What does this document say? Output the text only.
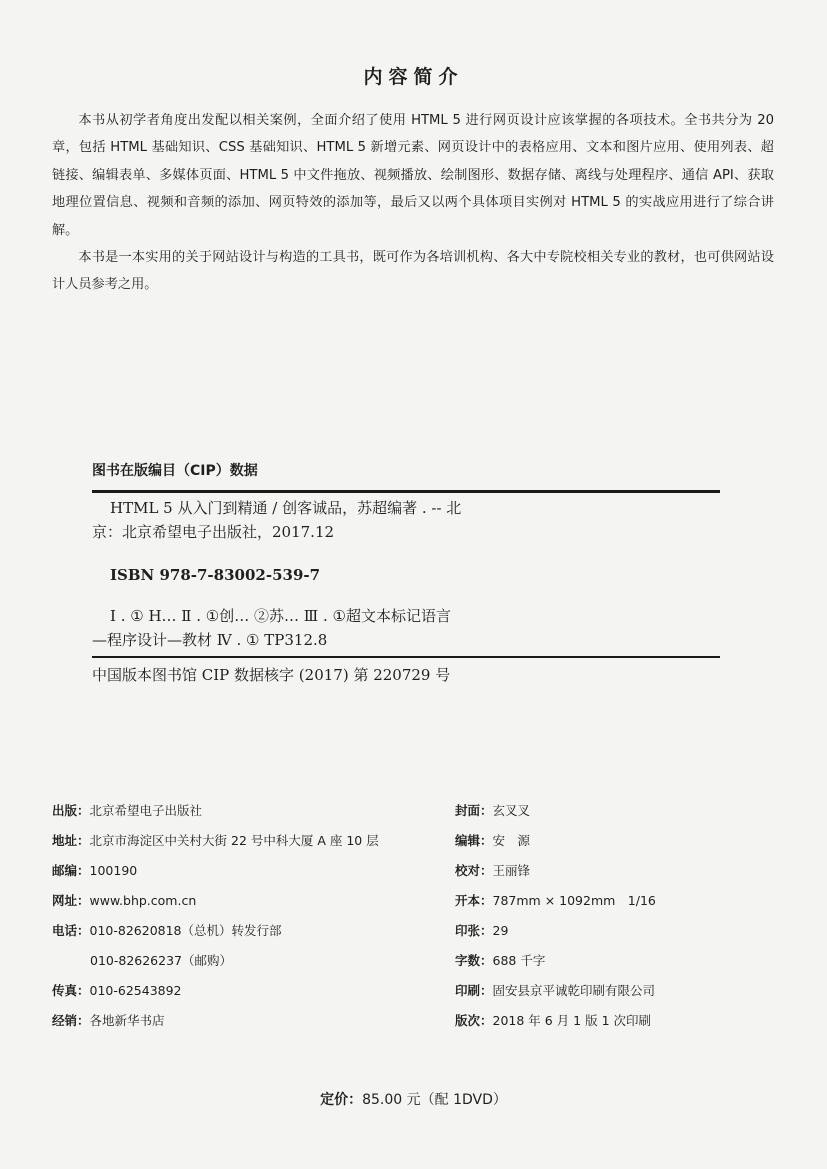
内容简介

本书从初学者角度出发配以相关案例，全面介绍了使用 HTML 5 进行网页设计应该掌握的各项技术。全书共分为 20 章，包括 HTML 基础知识、CSS 基础知识、HTML 5 新增元素、网页设计中的表格应用、文本和图片应用、使用列表、超链接、编辑表单、多媒体页面、HTML 5 中文件拖放、视频播放、绘制图形、数据存储、离线与处理程序、通信 API、获取地理位置信息、视频和音频的添加、网页特效的添加等，最后又以两个具体项目实例对 HTML 5 的实战应用进行了综合讲解。

本书是一本实用的关于网站设计与构造的工具书，既可作为各培训机构、各大中专院校相关专业的教材，也可供网站设计人员参考之用。

图书在版编目（CIP）数据
HTML 5 从入门到精通 / 创客诚品，苏超编著 . -- 北
京：北京希望电子出版社，2017.12
ISBN 978-7-83002-539-7
Ⅰ . ① H… Ⅱ . ①创… ②苏… Ⅲ . ①超文本标记语言
—程序设计—教材 Ⅳ . ① TP312.8
中国版本图书馆 CIP 数据核字 (2017) 第 220729 号
出版：北京希望电子出版社
地址：北京市海淀区中关村大街 22 号中科大厦 A 座 10 层
邮编：100190
网址：www.bhp.com.cn
电话：010-82620818（总机）转发行部
010-82626237（邮购）
传真：010-62543892
经销：各地新华书店
封面：玄叉叉
编辑：安　源
校对：王丽锋
开本：787mm × 1092mm　1/16
印张：29
字数：688 千字
印刷：固安县京平诚乾印刷有限公司
版次：2018 年 6 月 1 版 1 次印刷
定价：85.00 元（配 1DVD）
